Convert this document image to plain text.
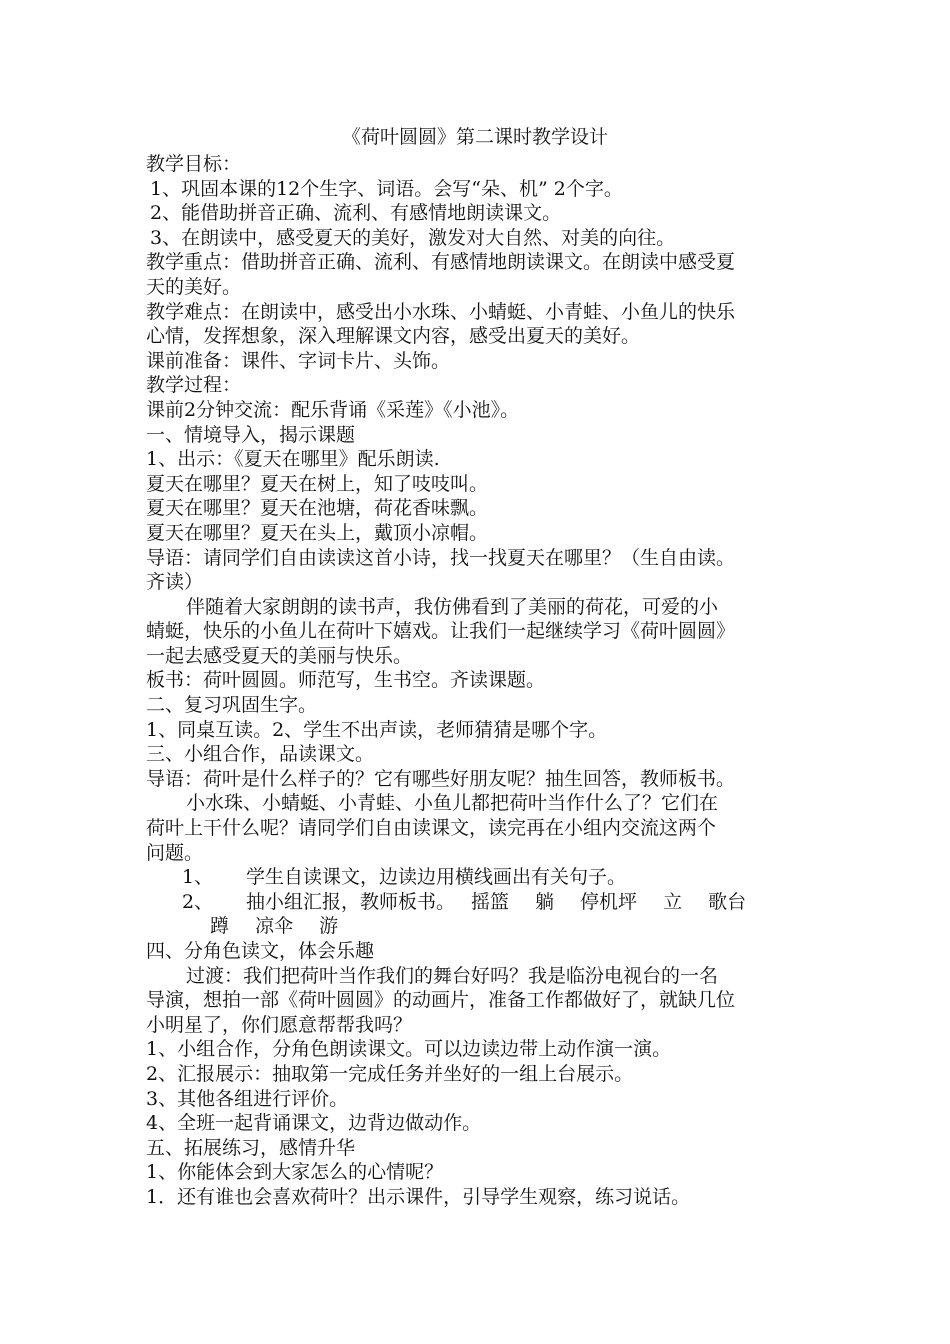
《荷叶圆圆》第二课时教学设计
教学目标：
1、巩固本课的12个生字、词语。会写“朵、机” 2个字。
2、能借助拼音正确、流利、有感情地朗读课文。
3、在朗读中，感受夏天的美好，激发对大自然、对美的向往。
教学重点：借助拼音正确、流利、有感情地朗读课文。在朗读中感受夏
天的美好。
教学难点：在朗读中，感受出小水珠、小蜻蜓、小青蛙、小鱼儿的快乐
心情，发挥想象，深入理解课文内容，感受出夏天的美好。
课前准备：课件、字词卡片、头饰。
教学过程：
课前2分钟交流：配乐背诵《采莲》《小池》。
一、情境导入，揭示课题
1、出示：《夏天在哪里》配乐朗读.
夏天在哪里？夏天在树上，知了吱吱叫。
夏天在哪里？夏天在池塘，荷花香味飘。
夏天在哪里？夏天在头上，戴顶小凉帽。
导语：请同学们自由读读这首小诗，找一找夏天在哪里？（生自由读。
齐读）
伴随着大家朗朗的读书声，我仿佛看到了美丽的荷花，可爱的小
蜻蜓，快乐的小鱼儿在荷叶下嬉戏。让我们一起继续学习《荷叶圆圆》
一起去感受夏天的美丽与快乐。
板书：荷叶圆圆。师范写，生书空。齐读课题。
二、复习巩固生字。
1、同桌互读。2、学生不出声读，老师猜猜是哪个字。
三、小组合作，品读课文。
导语：荷叶是什么样子的？它有哪些好朋友呢？抽生回答，教师板书。
小水珠、小蜻蜓、小青蛙、小鱼儿都把荷叶当作什么了？它们在
荷叶上干什么呢？请同学们自由读课文，读完再在小组内交流这两个
问题。
1、	学生自读课文，边读边用横线画出有关句子。
2、	抽小组汇报，教师板书。 摇篮 躺 停机坪 立 歌台
蹲 凉伞 游
四、分角色读文，体会乐趣
过渡：我们把荷叶当作我们的舞台好吗？我是临汾电视台的一名
导演，想拍一部《荷叶圆圆》的动画片，准备工作都做好了，就缺几位
小明星了，你们愿意帮帮我吗？
1、小组合作，分角色朗读课文。可以边读边带上动作演一演。
2、汇报展示：抽取第一完成任务并坐好的一组上台展示。
3、其他各组进行评价。
4、全班一起背诵课文，边背边做动作。
五、拓展练习，感情升华
1、你能体会到大家怎么的心情呢？
1．还有谁也会喜欢荷叶？出示课件，引导学生观察，练习说话。
